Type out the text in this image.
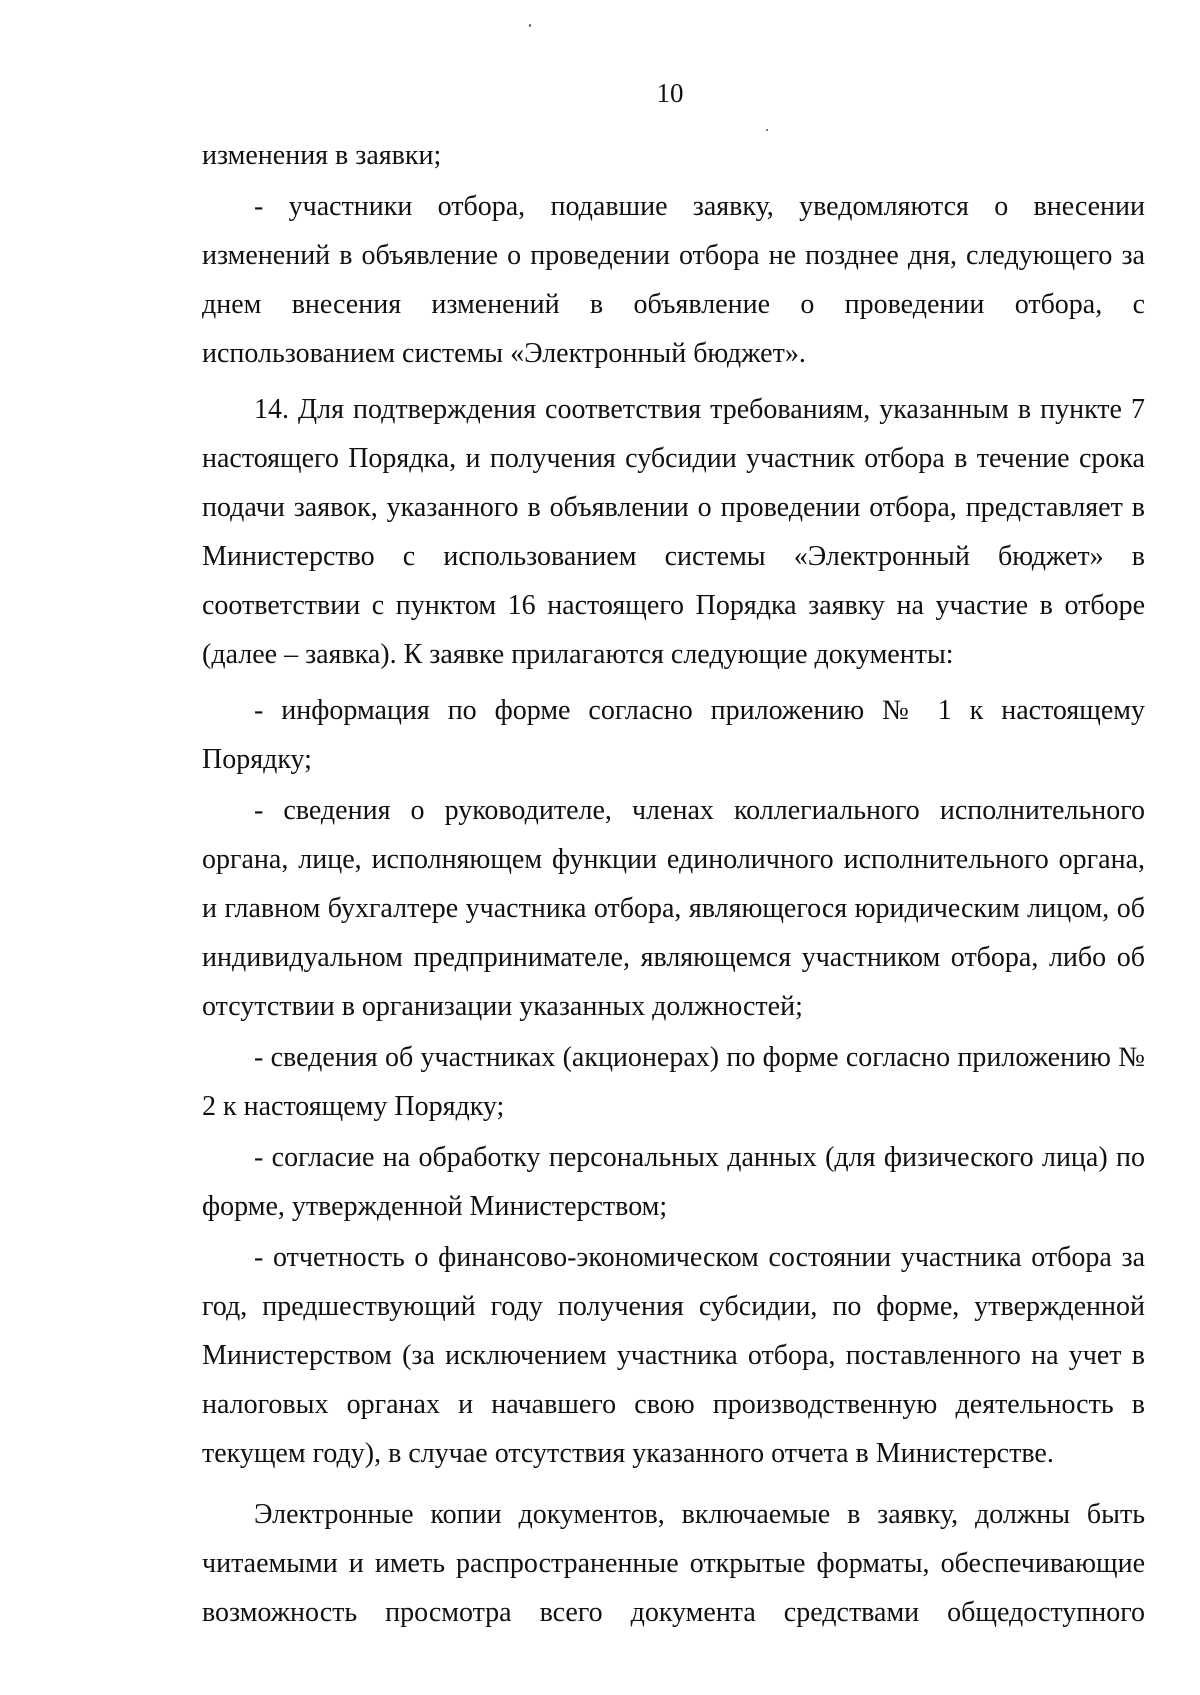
10

изменения в заявки;

- участники отбора, подавшие заявку, уведомляются о внесении изменений в объявление о проведении отбора не позднее дня, следующего за днем внесения изменений в объявление о проведении отбора, с использованием системы «Электронный бюджет».

14. Для подтверждения соответствия требованиям, указанным в пункте 7 настоящего Порядка, и получения субсидии участник отбора в течение срока подачи заявок, указанного в объявлении о проведении отбора, представляет в Министерство с использованием системы «Электронный бюджет» в соответствии с пунктом 16 настоящего Порядка заявку на участие в отборе (далее – заявка). К заявке прилагаются следующие документы:

- информация по форме согласно приложению № 1 к настоящему Порядку;

- сведения о руководителе, членах коллегиального исполнительного органа, лице, исполняющем функции единоличного исполнительного органа, и главном бухгалтере участника отбора, являющегося юридическим лицом, об индивидуальном предпринимателе, являющемся участником отбора, либо об отсутствии в организации указанных должностей;

- сведения об участниках (акционерах) по форме согласно приложению № 2 к настоящему Порядку;

- согласие на обработку персональных данных (для физического лица) по форме, утвержденной Министерством;

- отчетность о финансово-экономическом состоянии участника отбора за год, предшествующий году получения субсидии, по форме, утвержденной Министерством (за исключением участника отбора, поставленного на учет в налоговых органах и начавшего свою производственную деятельность в текущем году), в случае отсутствия указанного отчета в Министерстве.

Электронные копии документов, включаемые в заявку, должны быть читаемыми и иметь распространенные открытые форматы, обеспечивающие возможность просмотра всего документа средствами общедоступного
